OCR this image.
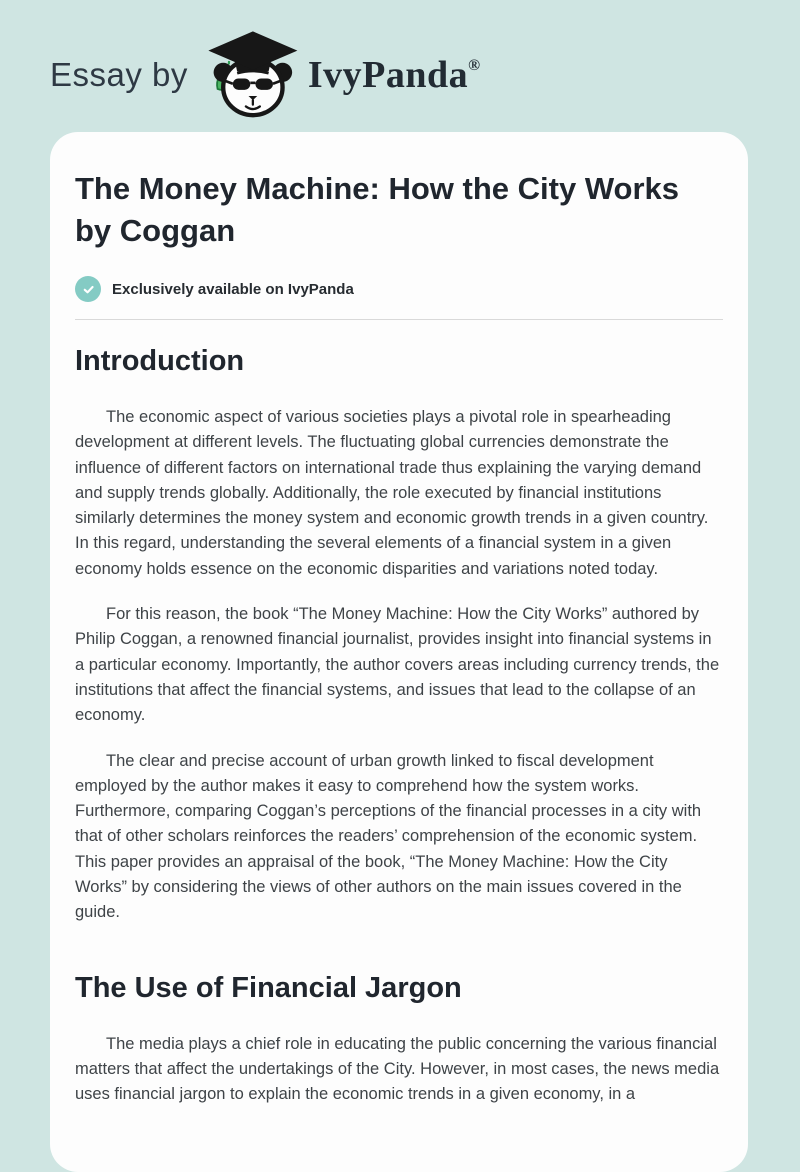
Essay by	IvyPanda®
The Money Machine: How the City Works by Coggan
Exclusively available on IvyPanda
Introduction

The economic aspect of various societies plays a pivotal role in spearheading development at different levels. The fluctuating global currencies demonstrate the influence of different factors on international trade thus explaining the varying demand and supply trends globally. Additionally, the role executed by financial institutions similarly determines the money system and economic growth trends in a given country. In this regard, understanding the several elements of a financial system in a given economy holds essence on the economic disparities and variations noted today.

For this reason, the book “The Money Machine: How the City Works” authored by Philip Coggan, a renowned financial journalist, provides insight into financial systems in a particular economy. Importantly, the author covers areas including currency trends, the institutions that affect the financial systems, and issues that lead to the collapse of an economy.

The clear and precise account of urban growth linked to fiscal development employed by the author makes it easy to comprehend how the system works. Furthermore, comparing Coggan’s perceptions of the financial processes in a city with that of other scholars reinforces the readers’ comprehension of the economic system. This paper provides an appraisal of the book, “The Money Machine: How the City Works” by considering the views of other authors on the main issues covered in the guide.

The Use of Financial Jargon

The media plays a chief role in educating the public concerning the various financial matters that affect the undertakings of the City. However, in most cases, the news media uses financial jargon to explain the economic trends in a given economy, in a
